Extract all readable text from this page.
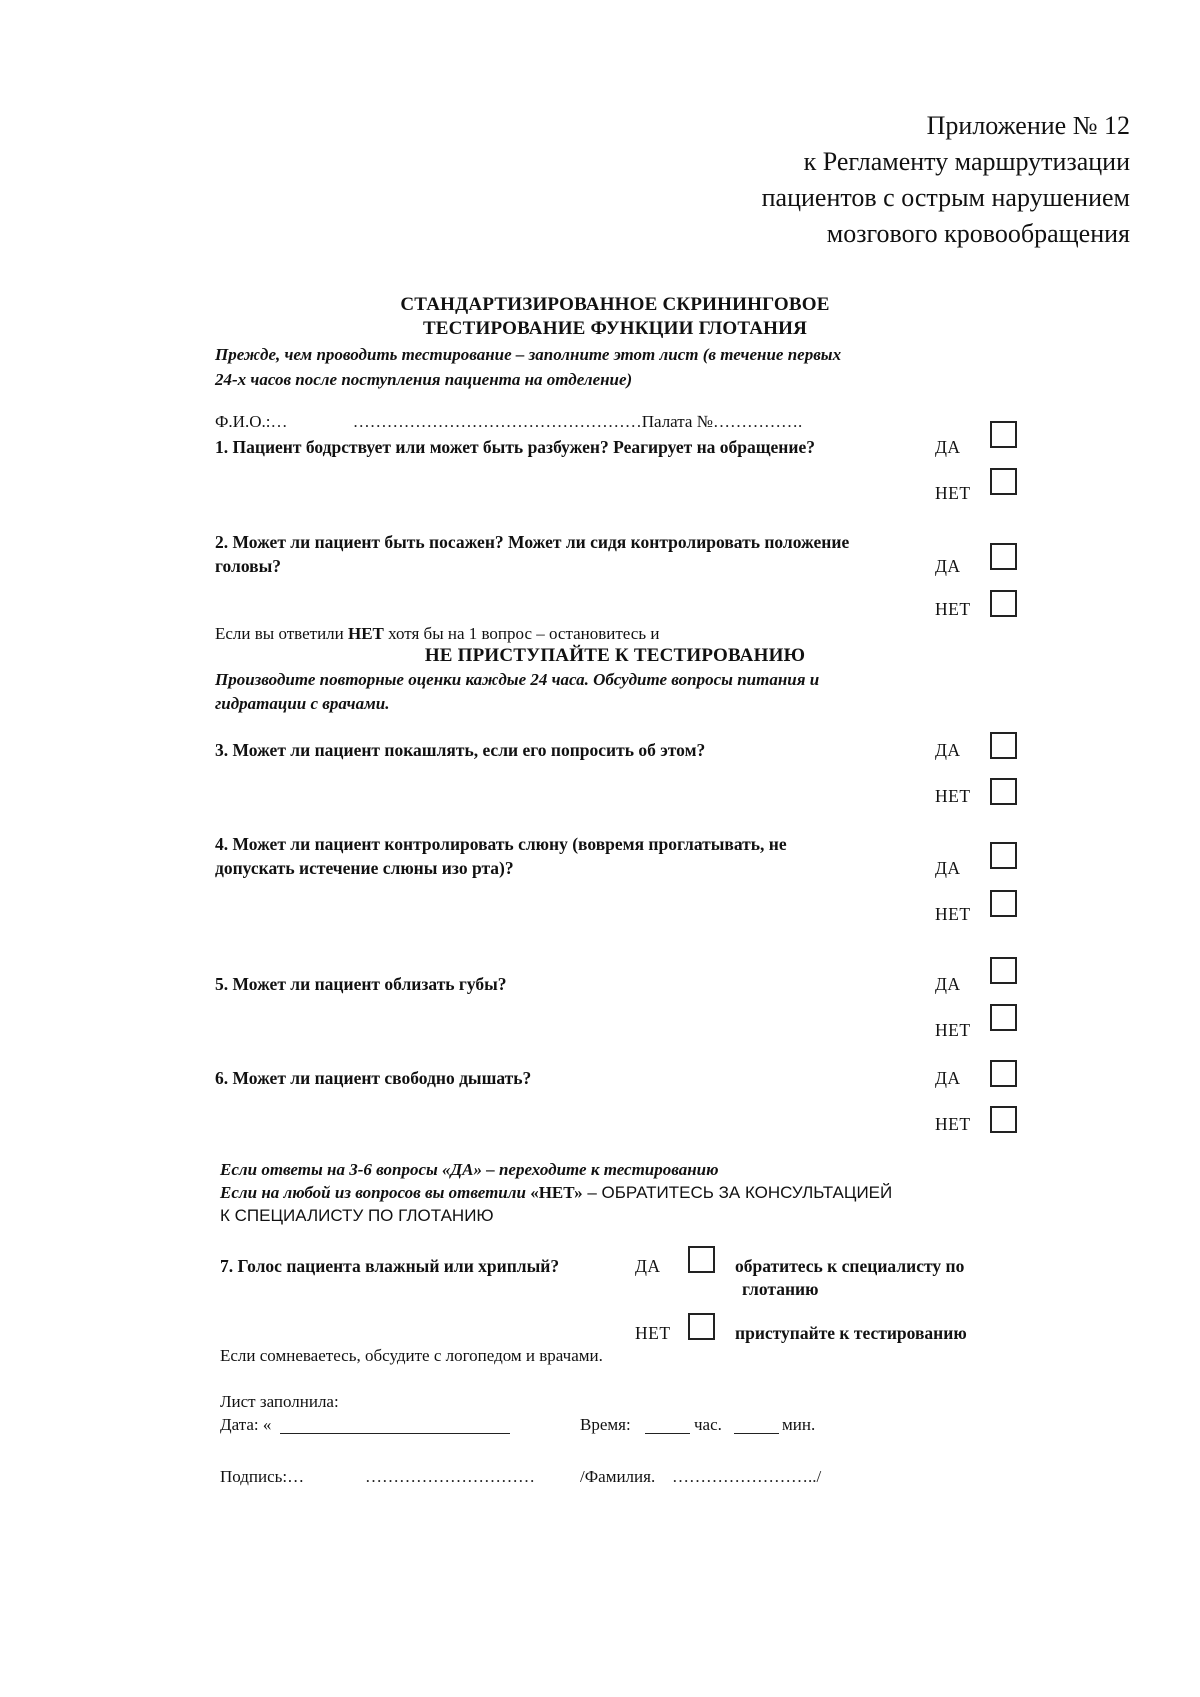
Приложение № 12
к Регламенту маршрутизации
пациентов с острым нарушением
мозгового кровообращения
СТАНДАРТИЗИРОВАННОЕ СКРИНИНГОВОЕ
ТЕСТИРОВАНИЕ ФУНКЦИИ ГЛОТАНИЯ
Прежде, чем проводить тестирование – заполните этот лист (в течение первых
24-х часов после поступления пациента на отделение)
Ф.И.О.:…	……………………………………………Палата №…………….
1. Пациент бодрствует или может быть разбужен? Реагирует на обращение?	ДА
НЕТ
2. Может ли пациент быть посажен? Может ли сидя контролировать положение
головы?	ДА
НЕТ
Если вы ответили НЕТ хотя бы на 1 вопрос – остановитесь и
НЕ ПРИСТУПАЙТЕ К ТЕСТИРОВАНИЮ
Производите повторные оценки каждые 24 часа. Обсудите вопросы питания и
гидратации с врачами.
3. Может ли пациент покашлять, если его попросить об этом?	ДА
НЕТ
4. Может ли пациент контролировать слюну (вовремя проглатывать, не
допускать истечение слюны изо рта)?	ДА
НЕТ
5. Может ли пациент облизать губы?	ДА
НЕТ
6. Может ли пациент свободно дышать?	ДА
НЕТ
Если ответы на 3-6 вопросы «ДА» – переходите к тестированию
Если на любой из вопросов вы ответили «НЕТ» – ОБРАТИТЕСЬ ЗА КОНСУЛЬТАЦИЕЙ
К СПЕЦИАЛИСТУ ПО ГЛОТАНИЮ
7. Голос пациента влажный или хриплый?	ДА	обратитесь к специалисту по
глотанию
НЕТ	приступайте к тестированию
Если сомневаетесь, обсудите с логопедом и врачами.
Лист заполнила:
Дата: «	Время:	час.	мин.
Подпись:…	…………………………	/Фамилия. ……………………../
